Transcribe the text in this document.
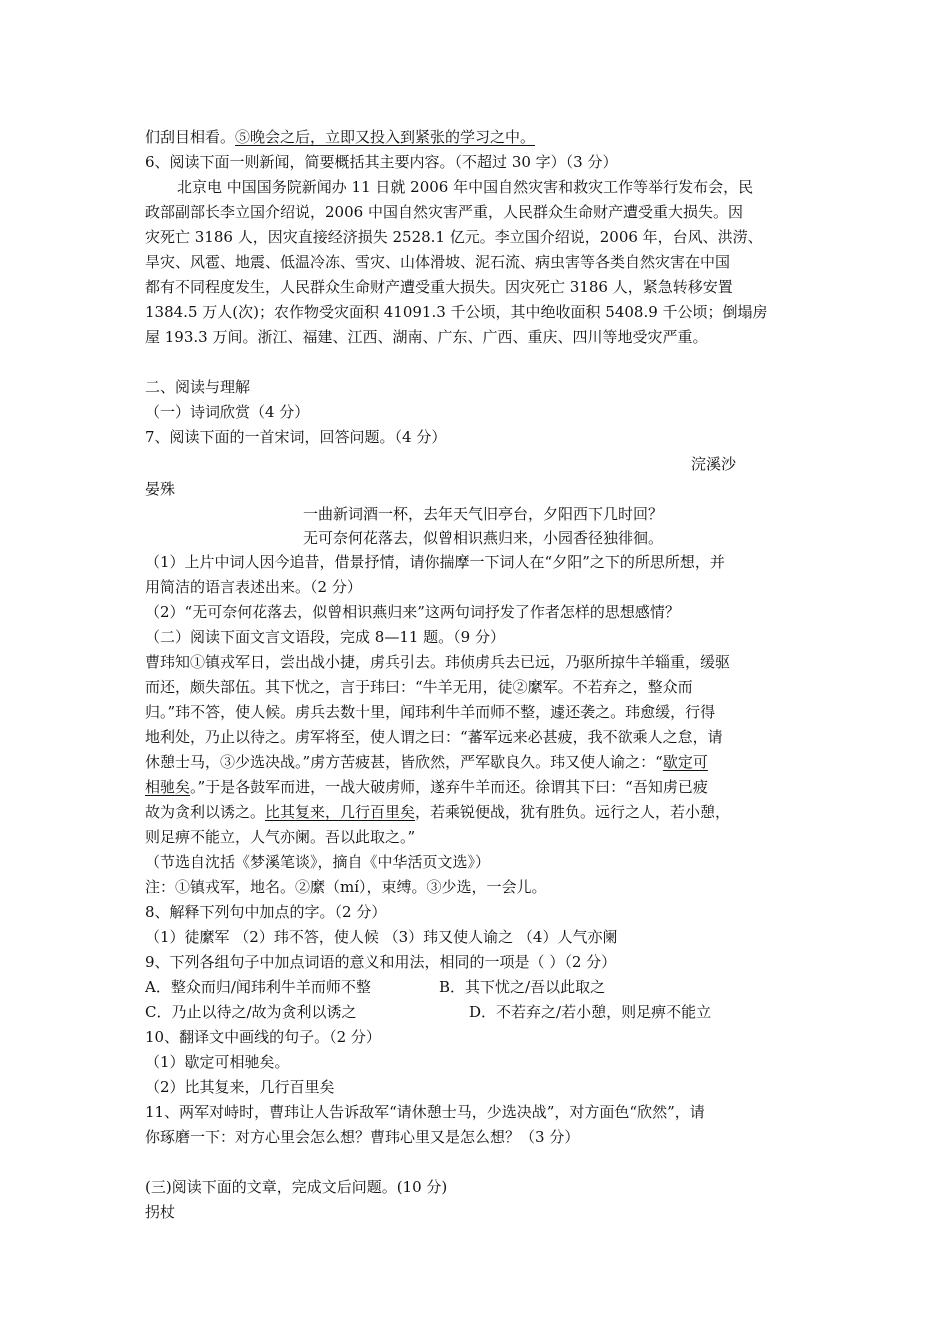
们刮目相看。⑤晚会之后，立即又投入到紧张的学习之中。
6、阅读下面一则新闻，简要概括其主要内容。（不超过 30 字）（3 分）
北京电 中国国务院新闻办 11 日就 2006 年中国自然灾害和救灾工作等举行发布会，民
政部副部长李立国介绍说，2006 中国自然灾害严重，人民群众生命财产遭受重大损失。因
灾死亡 3186 人，因灾直接经济损失 2528.1 亿元。李立国介绍说，2006 年，台风、洪涝、
旱灾、风雹、地震、低温冷冻、雪灾、山体滑坡、泥石流、病虫害等各类自然灾害在中国
都有不同程度发生，人民群众生命财产遭受重大损失。因灾死亡 3186 人，紧急转移安置
1384.5 万人(次)；农作物受灾面积 41091.3 千公顷，其中绝收面积 5408.9 千公顷；倒塌房
屋 193.3 万间。浙江、福建、江西、湖南、广东、广西、重庆、四川等地受灾严重。
二、阅读与理解
（一）诗词欣赏（4 分）
7、阅读下面的一首宋词，回答问题。（4 分）
浣溪沙
晏殊
一曲新词酒一杯，去年天气旧亭台，夕阳西下几时回？
无可奈何花落去，似曾相识燕归来，小园香径独徘徊。
（1）上片中词人因今追昔，借景抒情，请你揣摩一下词人在“夕阳”之下的所思所想，并
用简洁的语言表述出来。（2 分）
（2）“无可奈何花落去，似曾相识燕归来”这两句词抒发了作者怎样的思想感情？
（二）阅读下面文言文语段，完成 8—11 题。（9 分）
曹玮知①镇戎军日，尝出战小捷，虏兵引去。玮侦虏兵去已远，乃驱所掠牛羊辎重，缓驱
而还，颇失部伍。其下忧之，言于玮曰：“牛羊无用，徒②縻军。不若弃之，整众而
归。”玮不答，使人候。虏兵去数十里，闻玮利牛羊而师不整，遽还袭之。玮愈缓，行得
地利处，乃止以待之。虏军将至，使人谓之曰：“蕃军远来必甚疲，我不欲乘人之怠，请
休憩士马，③少选决战。”虏方苦疲甚，皆欣然，严军歇良久。玮又使人谕之：“歇定可
相驰矣。”于是各鼓军而进，一战大破虏师，遂弃牛羊而还。徐谓其下曰：“吾知虏已疲
故为贪利以诱之。比其复来，几行百里矣，若乘锐便战，犹有胜负。远行之人，若小憩，
则足痹不能立，人气亦阑。吾以此取之。”
（节选自沈括《梦溪笔谈》，摘自《中华活页文选》）
注：①镇戎军，地名。②縻（mí），束缚。③少选，一会儿。
8、解释下列句中加点的字。（2 分）
（1）徒縻军 （2）玮不答，使人候 （3）玮又使人谕之 （4）人气亦阑
9、下列各组句子中加点词语的意义和用法，相同的一项是（ ）（2 分）
A．整众而归/闻玮利牛羊而师不整	B．其下忧之/吾以此取之
C．乃止以待之/故为贪利以诱之	D．不若弃之/若小憩，则足痹不能立
10、翻译文中画线的句子。（2 分）
（1）歇定可相驰矣。
（2）比其复来，几行百里矣
11、两军对峙时，曹玮让人告诉敌军“请休憩士马，少选决战”，对方面色“欣然”，请
你琢磨一下：对方心里会怎么想？曹玮心里又是怎么想？（3 分）
(三)阅读下面的文章，完成文后问题。(10 分)
拐杖
